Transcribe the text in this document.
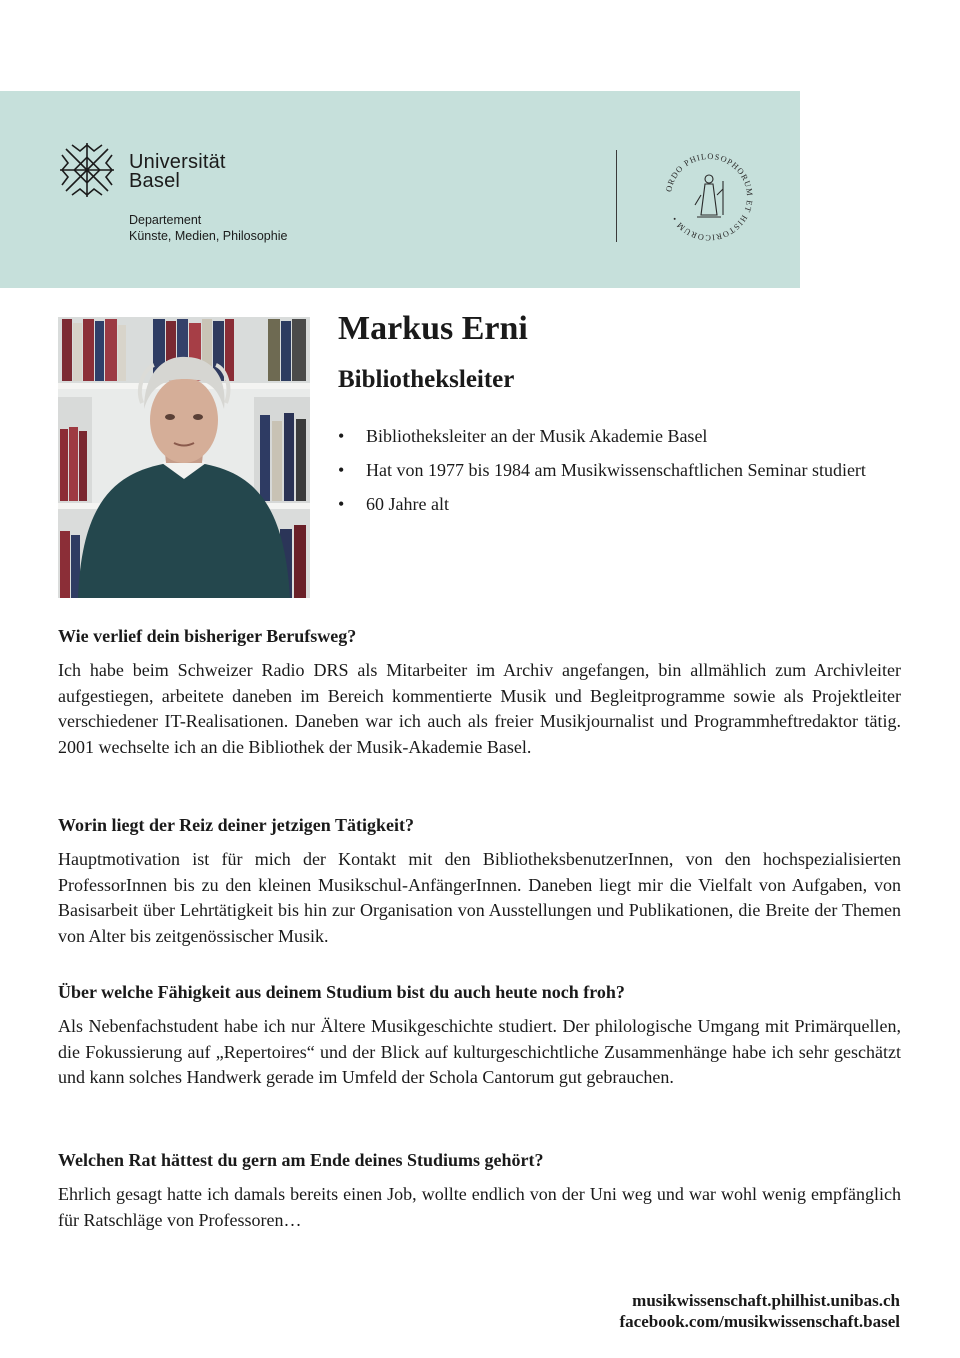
Universität
Basel
Departement
Künste, Medien, Philosophie
ORDO PHILOSOPHORUM ET HISTORICORUM •
Markus Erni
Bibliotheksleiter
• Bibliotheksleiter an der Musik Akademie Basel
• Hat von 1977 bis 1984 am Musikwissenschaftlichen Seminar studiert
• 60 Jahre alt

Wie verlief dein bisheriger Berufsweg?

Ich habe beim Schweizer Radio DRS als Mitarbeiter im Archiv angefangen, bin allmählich zum Archivleiter aufgestiegen, arbeitete daneben im Bereich kommentierte Musik und Begleitprogramme sowie als Projektleiter verschiedener IT-Realisationen. Daneben war ich auch als freier Musikjournalist und Programmheftredaktor tätig. 2001 wechselte ich an die Bibliothek der Musik-Akademie Basel.

Worin liegt der Reiz deiner jetzigen Tätigkeit?

Hauptmotivation ist für mich der Kontakt mit den BibliotheksbenutzerInnen, von den hochspezialisierten ProfessorInnen bis zu den kleinen Musikschul-AnfängerInnen. Daneben liegt mir die Vielfalt von Aufgaben, von Basisarbeit über Lehrtätigkeit bis hin zur Organisation von Ausstellungen und Publikationen, die Breite der Themen von Alter bis zeitgenössischer Musik.

Über welche Fähigkeit aus deinem Studium bist du auch heute noch froh?

Als Nebenfachstudent habe ich nur Ältere Musikgeschichte studiert. Der philologische Umgang mit Primärquellen, die Fokussierung auf „Repertoires“ und der Blick auf kulturgeschichtliche Zusammenhänge habe ich sehr geschätzt und kann solches Handwerk gerade im Umfeld der Schola Cantorum gut gebrauchen.

Welchen Rat hättest du gern am Ende deines Studiums gehört?

Ehrlich gesagt hatte ich damals bereits einen Job, wollte endlich von der Uni weg und war wohl wenig empfänglich für Ratschläge von Professoren…

musikwissenschaft.philhist.unibas.ch
facebook.com/musikwissenschaft.basel
